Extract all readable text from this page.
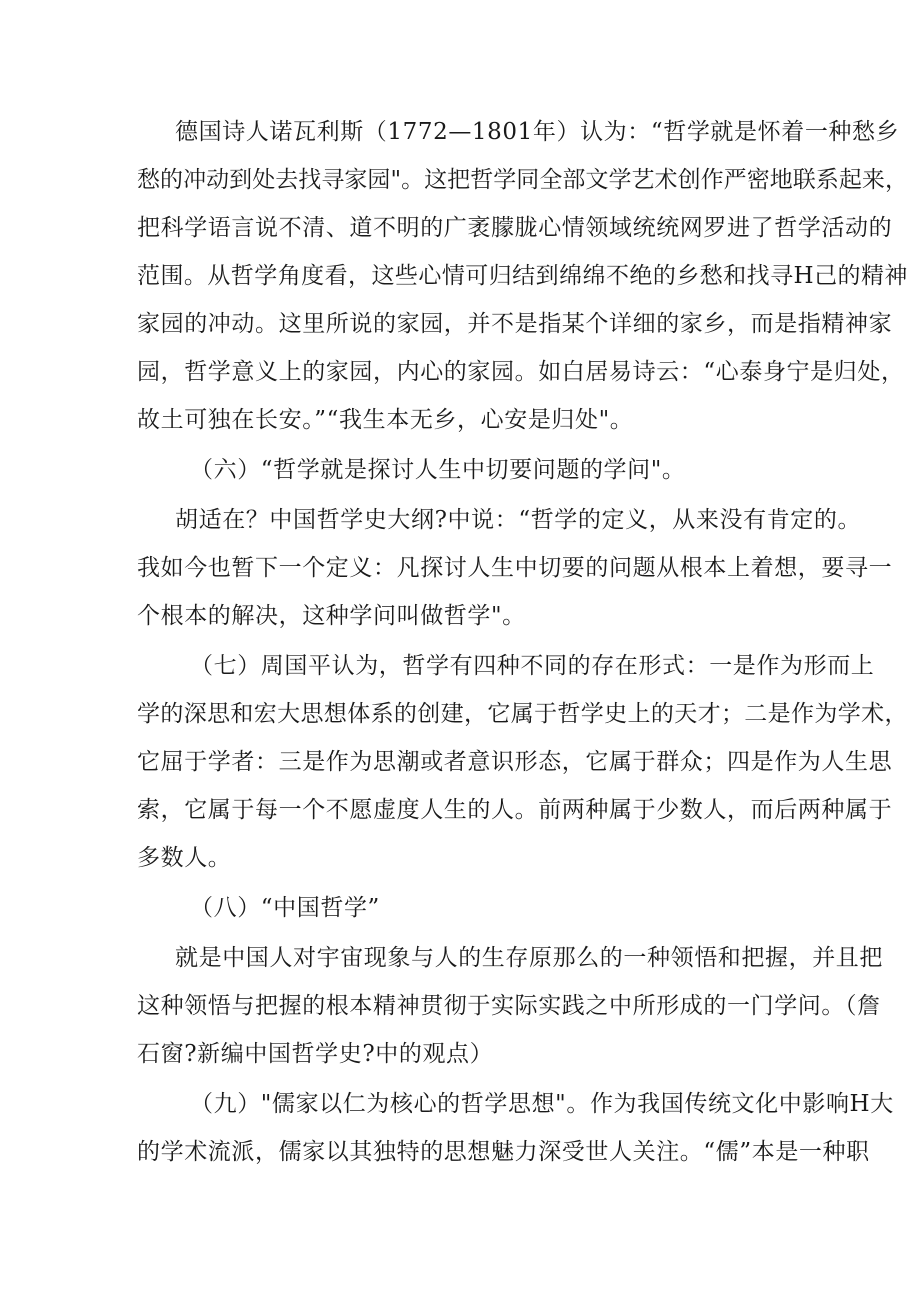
德国诗人诺瓦利斯（1772—1801年）认为：“哲学就是怀着一种愁乡
愁的冲动到处去找寻家园"。这把哲学同全部文学艺术创作严密地联系起来，
把科学语言说不清、道不明的广袤朦胧心情领域统统网罗进了哲学活动的
范围。从哲学角度看，这些心情可归结到绵绵不绝的乡愁和找寻H己的精神
家园的冲动。这里所说的家园，并不是指某个详细的家乡，而是指精神家
园，哲学意义上的家园，内心的家园。如白居易诗云：“心泰身宁是归处，
故土可独在长安。”“我生本无乡，心安是归处"。
（六）“哲学就是探讨人生中切要问题的学问"。
胡适在？中国哲学史大纲?中说：“哲学的定义，从来没有肯定的。
我如今也暂下一个定义：凡探讨人生中切要的问题从根本上着想，要寻一
个根本的解决，这种学问叫做哲学"。
（七）周国平认为，哲学有四种不同的存在形式：一是作为形而上
学的深思和宏大思想体系的创建，它属于哲学史上的天才；二是作为学术，
它屈于学者：三是作为思潮或者意识形态，它属于群众；四是作为人生思
索，它属于每一个不愿虚度人生的人。前两种属于少数人，而后两种属于
多数人。
（八）“中国哲学”
就是中国人对宇宙现象与人的生存原那么的一种领悟和把握，并且把
这种领悟与把握的根本精神贯彻于实际实践之中所形成的一门学问。（詹
石窗?新编中国哲学史?中的观点）
（九）"儒家以仁为核心的哲学思想"。作为我国传统文化中影响H大
的学术流派，儒家以其独特的思想魅力深受世人关注。“儒”本是一种职
